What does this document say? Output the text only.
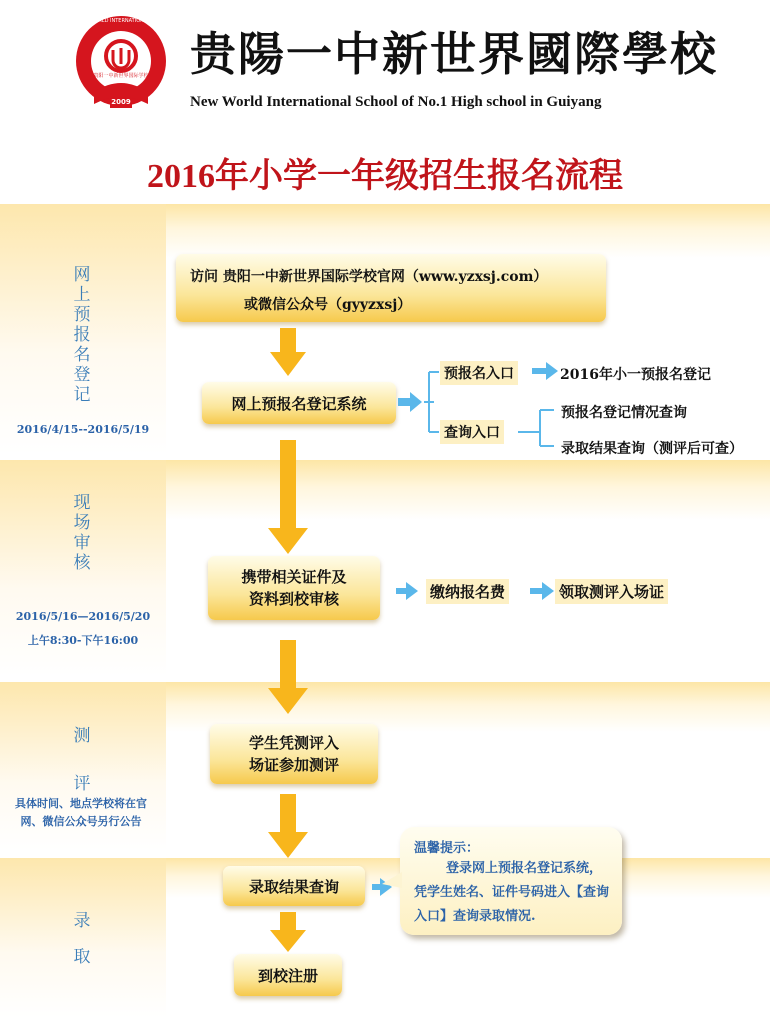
2009
贵阳一中新世界国际学校
NEW WORLD INTERNATIONAL SCHOOL
贵陽一中新世界國際學校
New World International School of No.1 High school in Guiyang
2016年小学一年级招生报名流程
网上预报名登记
2016/4/15--2016/5/19
现场审核
2016/5/16—2016/5/20
上午8:30-下午16:00
测评
具体时间、地点学校将在官网、微信公众号另行公告
录取
访问 贵阳一中新世界国际学校官网（www.yzxsj.com）
或微信公众号（gyyzxsj）
网上预报名登记系统
携带相关证件及
资料到校审核
学生凭测评入
场证参加测评
录取结果查询
到校注册
预报名入口	2016年小一预报名登记
查询入口
预报名登记情况查询
录取结果查询（测评后可查）
缴纳报名费	领取测评入场证
温馨提示：
登录网上预报名登记系统，凭学生姓名、证件号码进入【查询入口】查询录取情况.
